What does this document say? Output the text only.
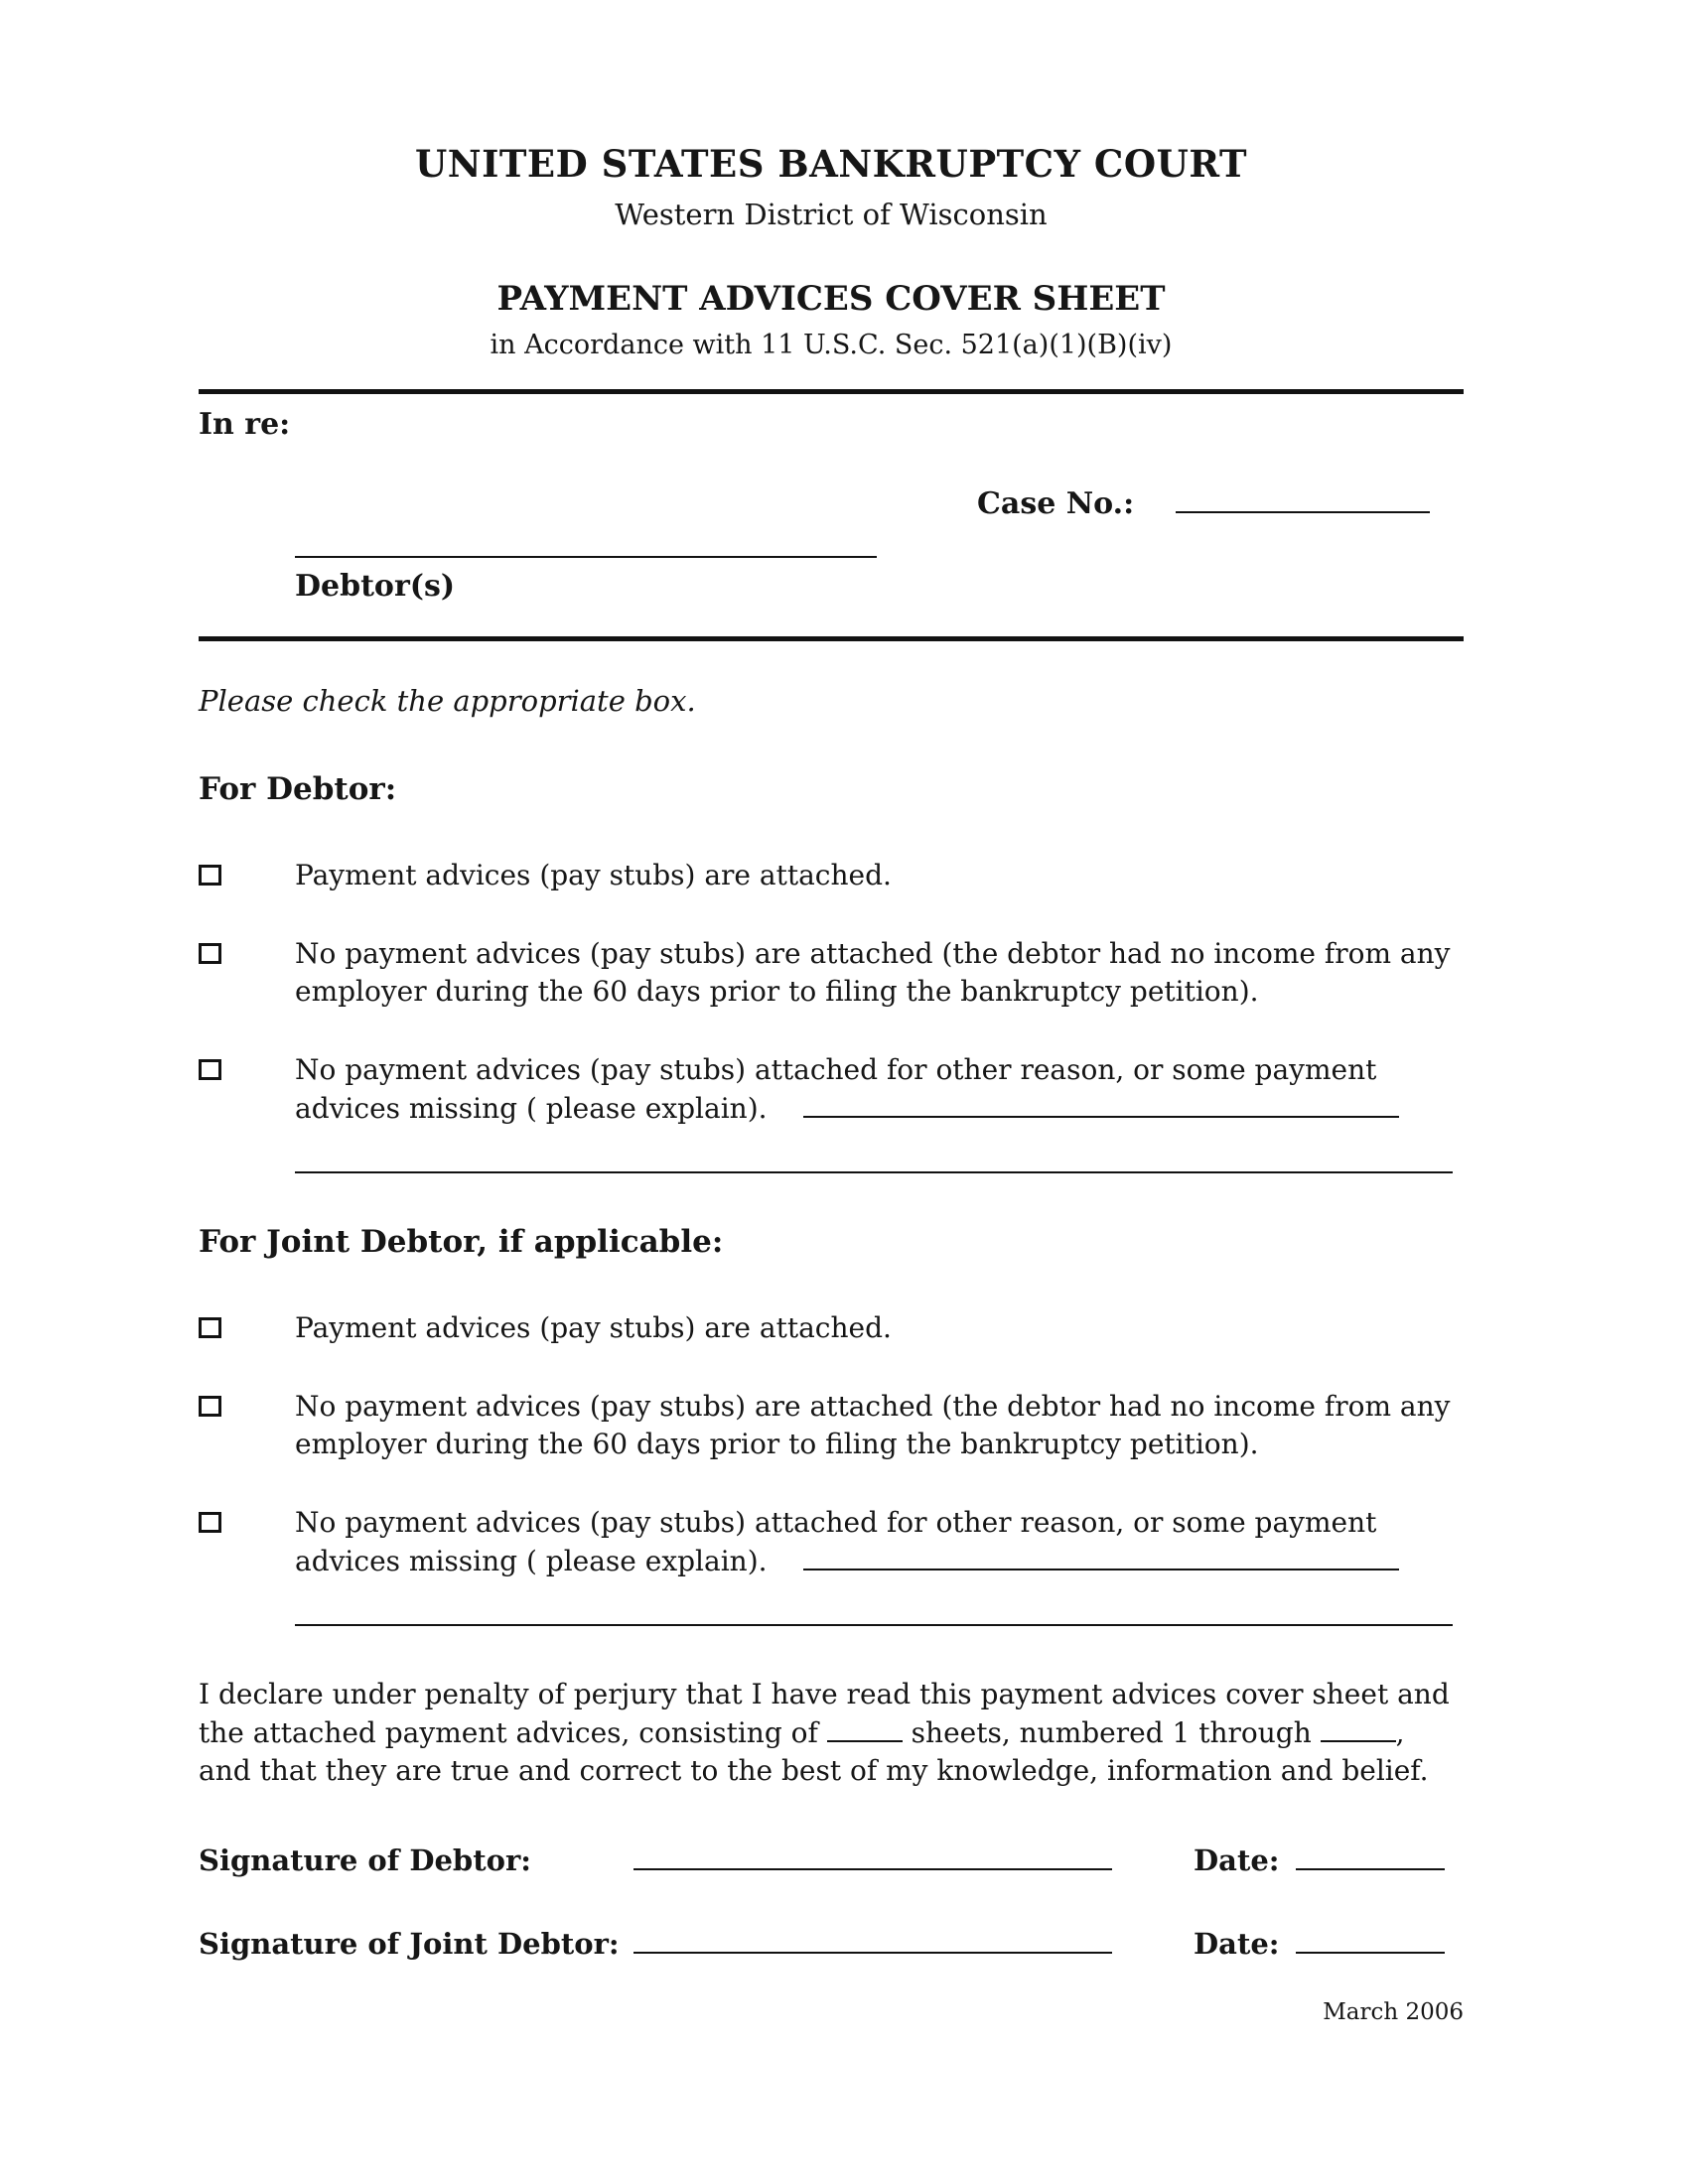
UNITED STATES BANKRUPTCY COURT
Western District of Wisconsin
PAYMENT ADVICES COVER SHEET
in Accordance with 11 U.S.C. Sec. 521(a)(1)(B)(iv)
In re:
Case No.:
Debtor(s)
Please check the appropriate box.
For Debtor:
Payment advices (pay stubs) are attached.
No payment advices (pay stubs) are attached (the debtor had no income from any employer during the 60 days prior to filing the bankruptcy petition).
No payment advices (pay stubs) attached for other reason, or some payment advices missing ( please explain).
For Joint Debtor, if applicable:
Payment advices (pay stubs) are attached.
No payment advices (pay stubs) are attached (the debtor had no income from any employer during the 60 days prior to filing the bankruptcy petition).
No payment advices (pay stubs) attached for other reason, or some payment advices missing ( please explain).

I declare under penalty of perjury that I have read this payment advices cover sheet and the attached payment advices, consisting of	sheets, numbered 1 through	, and that they are true and correct to the best of my knowledge, information and belief.

Signature of Debtor:	Date:
Signature of Joint Debtor:	Date:
March 2006
